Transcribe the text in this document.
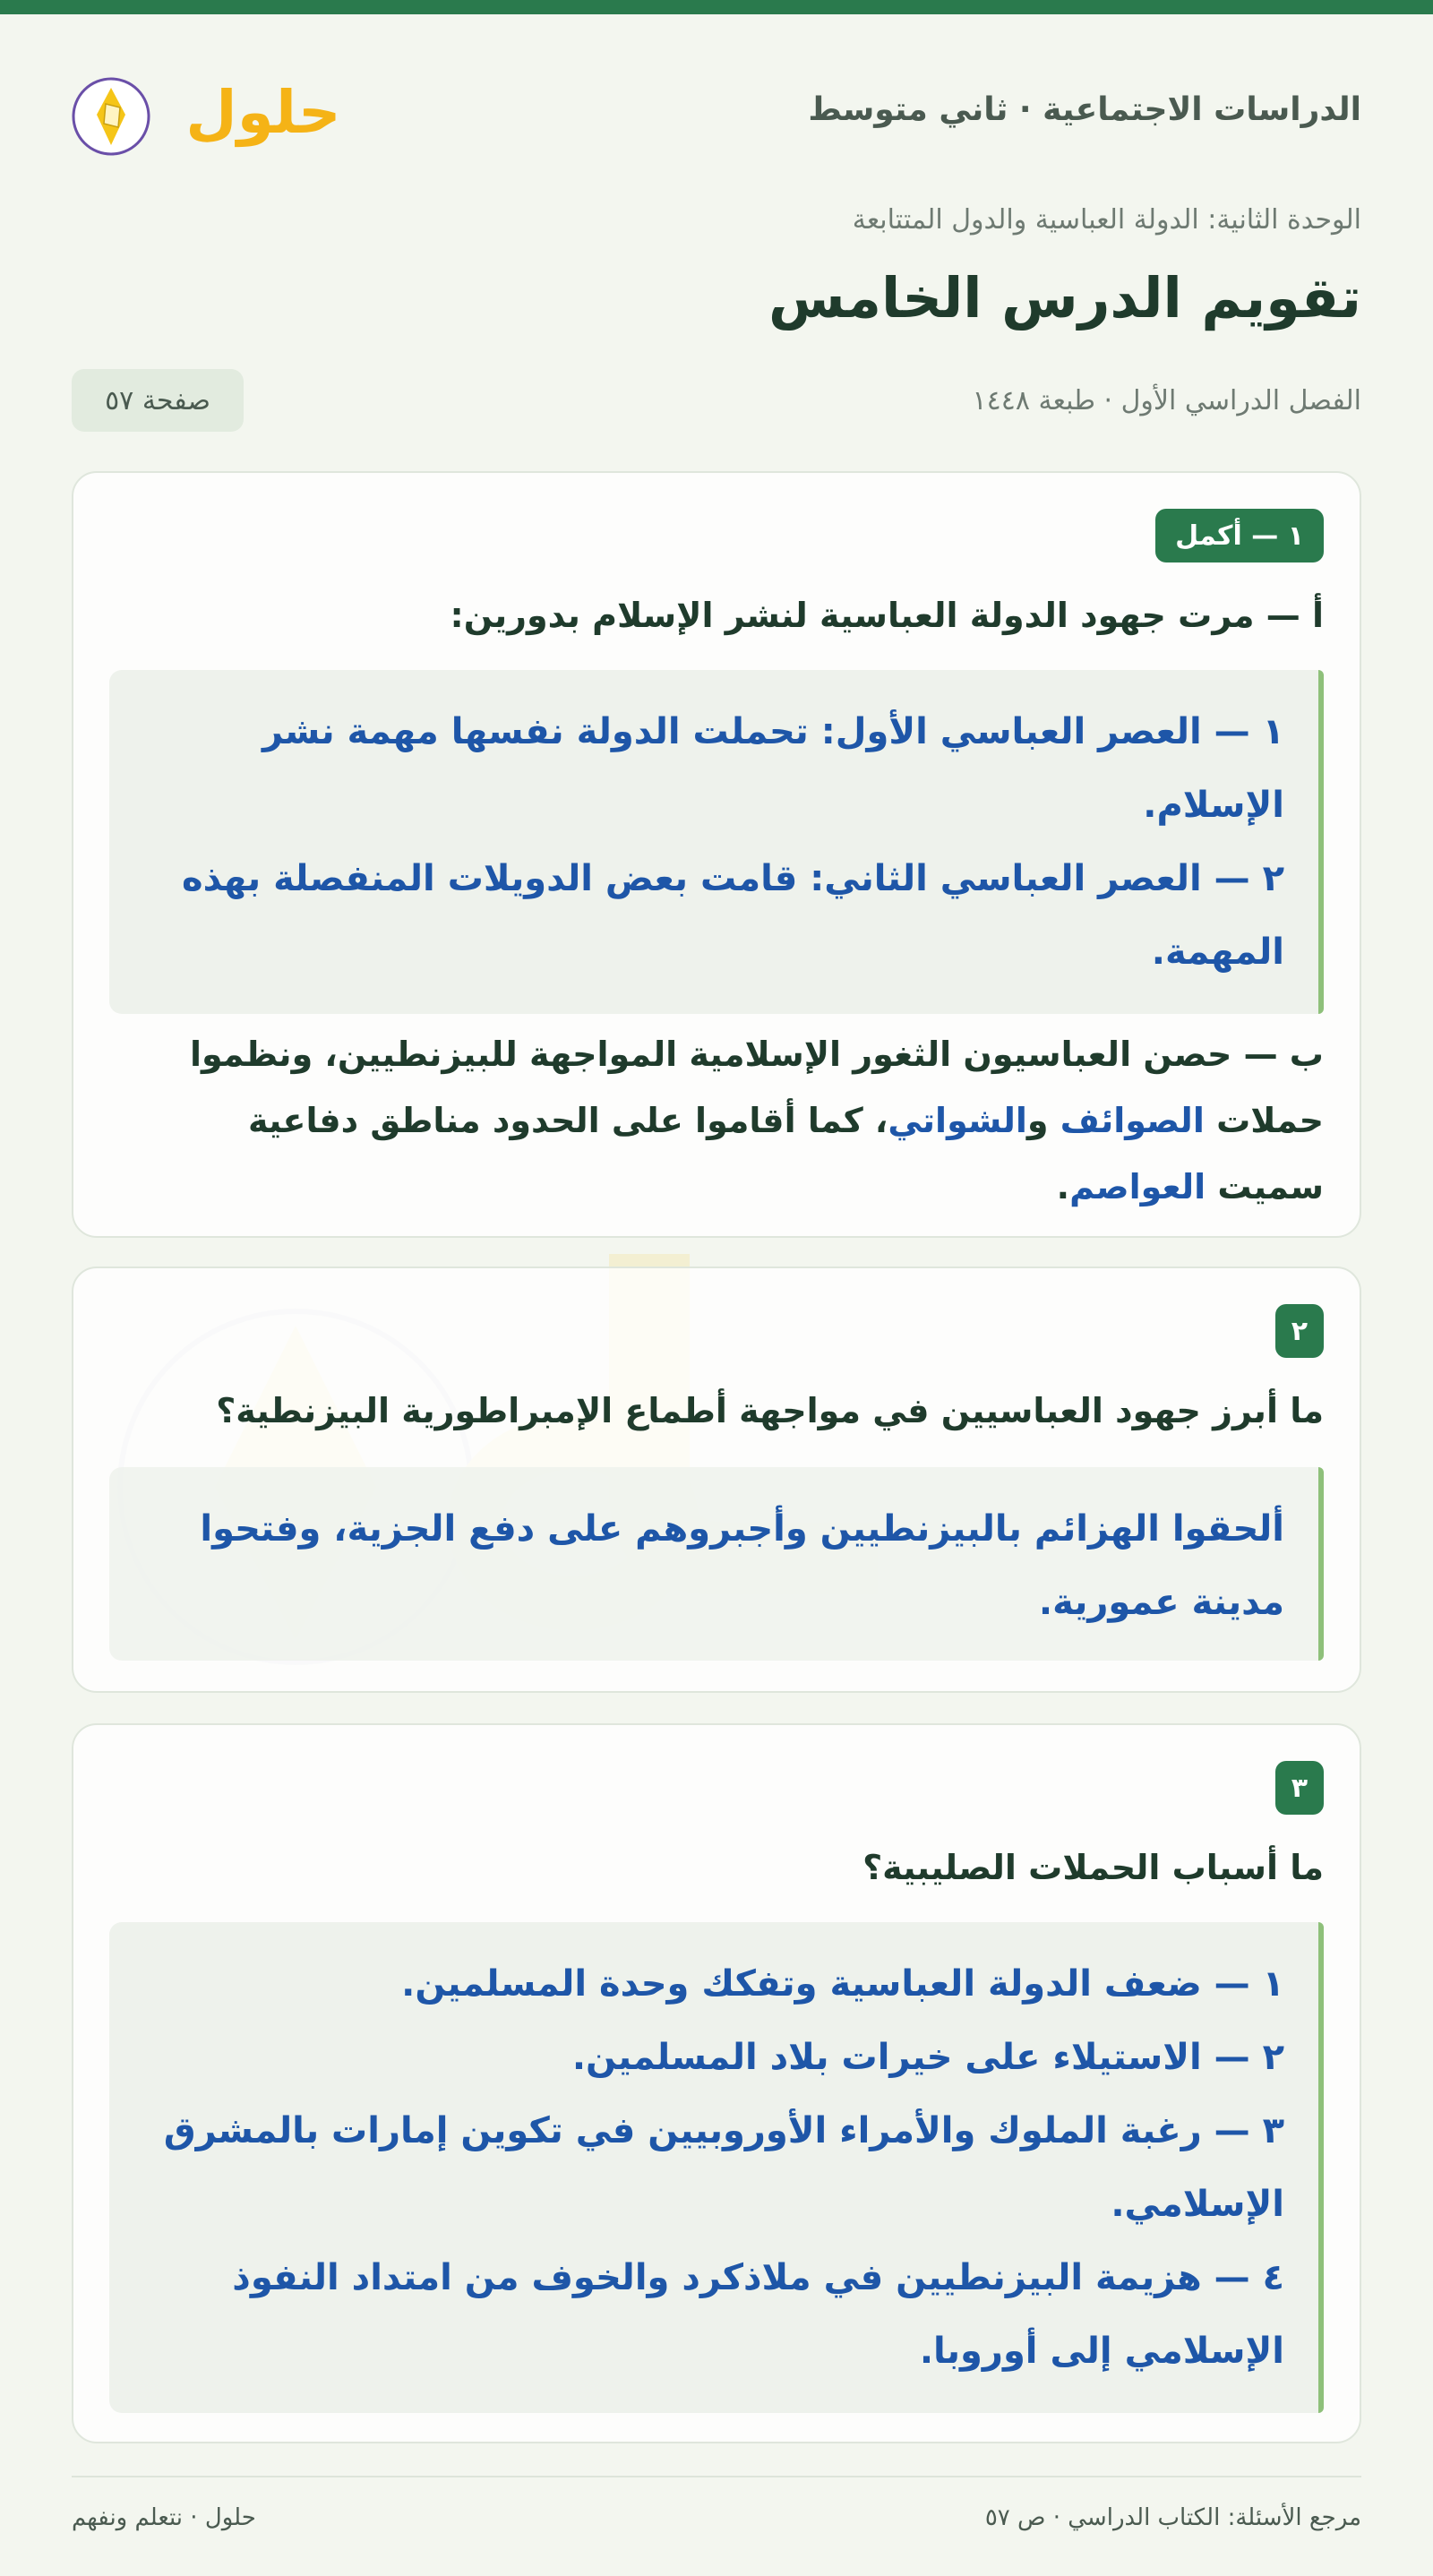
الدراسات الاجتماعية · ثاني متوسط
حلول
الوحدة الثانية: الدولة العباسية والدول المتتابعة
تقويم الدرس الخامس
الفصل الدراسي الأول · طبعة ١٤٤٨
صفحة ٥٧
١ — أكمل
أ — مرت جهود الدولة العباسية لنشر الإسلام بدورين:
١ — العصر العباسي الأول: تحملت الدولة نفسها مهمة نشر
الإسلام.
٢ — العصر العباسي الثاني: قامت بعض الدويلات المنفصلة بهذه
المهمة.
ب — حصن العباسيون الثغور الإسلامية المواجهة للبيزنطيين، ونظموا
حملات الصوائف والشواتي، كما أقاموا على الحدود مناطق دفاعية
سميت العواصم.
٢
ما أبرز جهود العباسيين في مواجهة أطماع الإمبراطورية البيزنطية؟
ألحقوا الهزائم بالبيزنطيين وأجبروهم على دفع الجزية، وفتحوا
مدينة عمورية.
٣
ما أسباب الحملات الصليبية؟
١ — ضعف الدولة العباسية وتفكك وحدة المسلمين.
٢ — الاستيلاء على خيرات بلاد المسلمين.
٣ — رغبة الملوك والأمراء الأوروبيين في تكوين إمارات بالمشرق
الإسلامي.
٤ — هزيمة البيزنطيين في ملاذكرد والخوف من امتداد النفوذ
الإسلامي إلى أوروبا.
مرجع الأسئلة: الكتاب الدراسي · ص ٥٧
حلول · نتعلم ونفهم
